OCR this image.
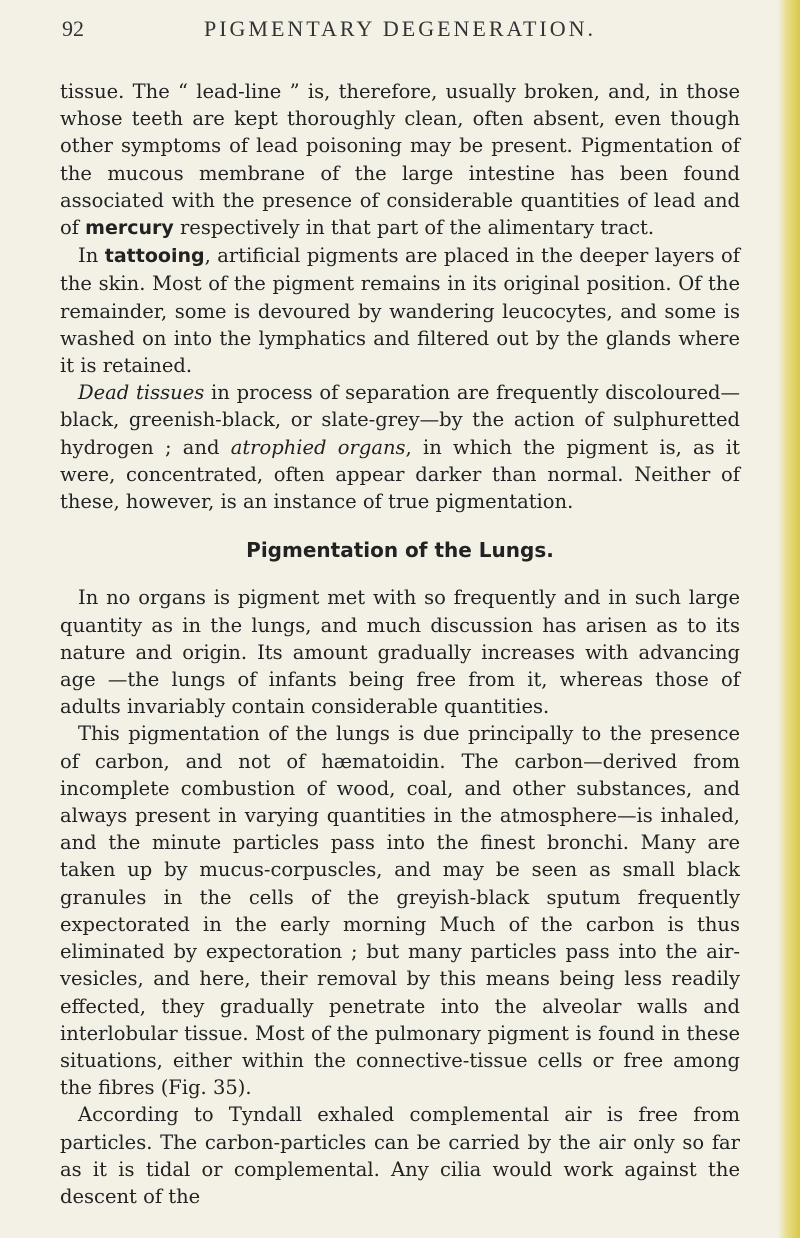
92	PIGMENTARY DEGENERATION.

tissue. The “ lead-line ” is, therefore, usually broken, and, in those whose teeth are kept thoroughly clean, often absent, even though other symptoms of lead poisoning may be present. Pigmentation of the mucous membrane of the large intestine has been found associated with the presence of considerable quantities of lead and of mercury respectively in that part of the alimentary tract.

In tattooing, artificial pigments are placed in the deeper layers of the skin. Most of the pigment remains in its original position. Of the remainder, some is devoured by wandering leucocytes, and some is washed on into the lymphatics and filtered out by the glands where it is retained.

Dead tissues in process of separation are frequently discoloured— black, greenish-black, or slate-grey—by the action of sulphuretted hydrogen ; and atrophied organs, in which the pigment is, as it were, concentrated, often appear darker than normal. Neither of these, however, is an instance of true pigmentation.

Pigmentation of the Lungs.

In no organs is pigment met with so frequently and in such large quantity as in the lungs, and much discussion has arisen as to its nature and origin. Its amount gradually increases with advancing age —the lungs of infants being free from it, whereas those of adults invariably contain considerable quantities.

This pigmentation of the lungs is due principally to the presence of carbon, and not of hæmatoidin. The carbon—derived from incomplete combustion of wood, coal, and other substances, and always present in varying quantities in the atmosphere—is inhaled, and the minute particles pass into the finest bronchi. Many are taken up by mucus-corpuscles, and may be seen as small black granules in the cells of the greyish-black sputum frequently expectorated in the early morning Much of the carbon is thus eliminated by expectoration ; but many particles pass into the air-vesicles, and here, their removal by this means being less readily effected, they gradually penetrate into the alveolar walls and interlobular tissue. Most of the pulmonary pigment is found in these situations, either within the connective-tissue cells or free among the fibres (Fig. 35).

According to Tyndall exhaled complemental air is free from particles. The carbon-particles can be carried by the air only so far as it is tidal or complemental. Any cilia would work against the descent of the
